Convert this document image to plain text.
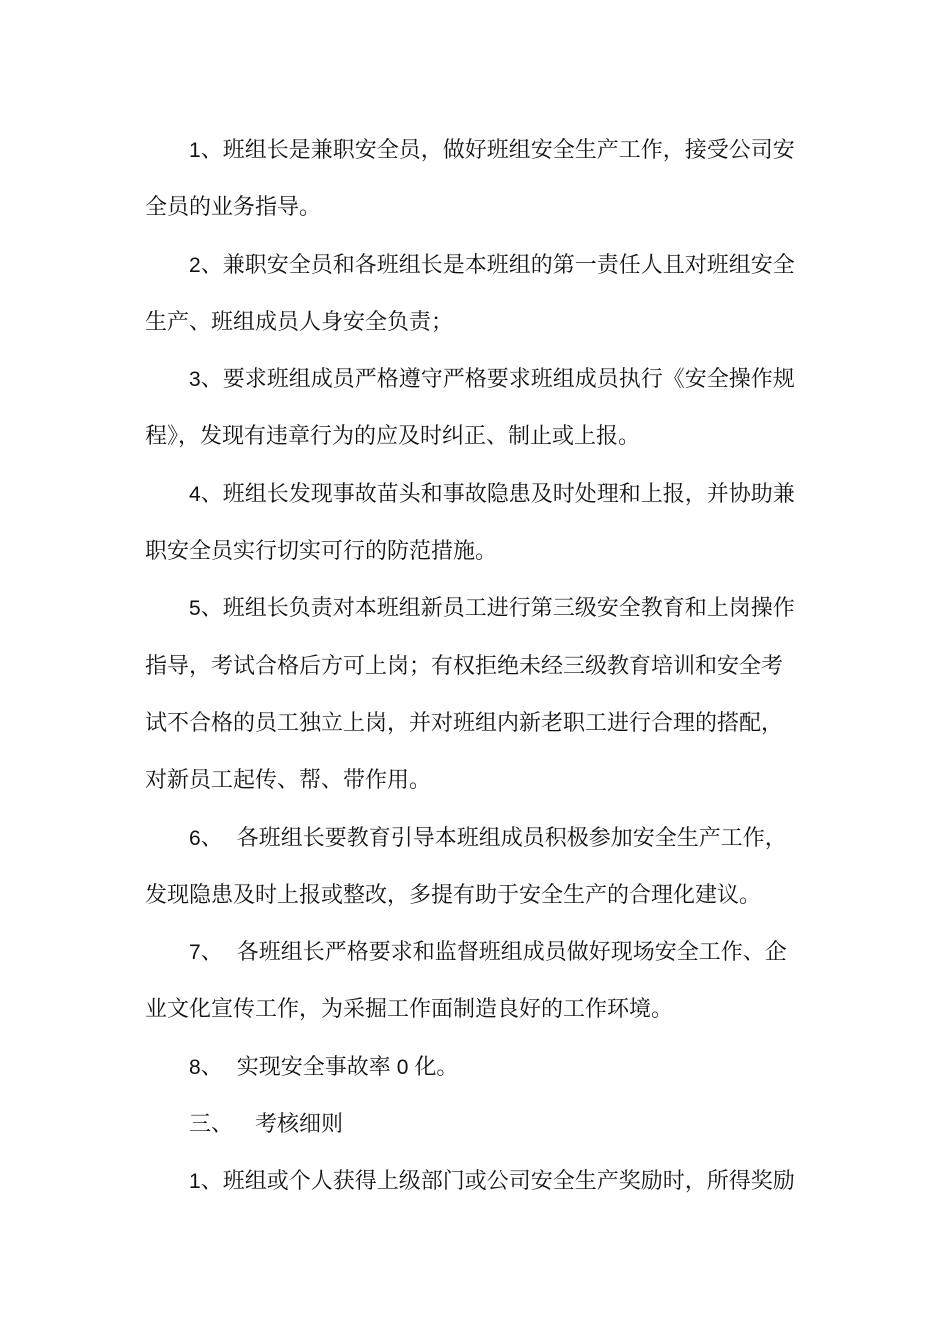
1、班组长是兼职安全员，做好班组安全生产工作，接受公司安
全员的业务指导。
2、兼职安全员和各班组长是本班组的第一责任人且对班组安全
生产、班组成员人身安全负责；
3、要求班组成员严格遵守严格要求班组成员执行《安全操作规
程》，发现有违章行为的应及时纠正、制止或上报。
4、班组长发现事故苗头和事故隐患及时处理和上报，并协助兼
职安全员实行切实可行的防范措施。
5、班组长负责对本班组新员工进行第三级安全教育和上岗操作
指导，考试合格后方可上岗；有权拒绝未经三级教育培训和安全考
试不合格的员工独立上岗，并对班组内新老职工进行合理的搭配，
对新员工起传、帮、带作用。
6、 各班组长要教育引导本班组成员积极参加安全生产工作，
发现隐患及时上报或整改，多提有助于安全生产的合理化建议。
7、 各班组长严格要求和监督班组成员做好现场安全工作、企
业文化宣传工作，为采掘工作面制造良好的工作环境。
8、 实现安全事故率 0 化。
三、 考核细则
1、班组或个人获得上级部门或公司安全生产奖励时，所得奖励
